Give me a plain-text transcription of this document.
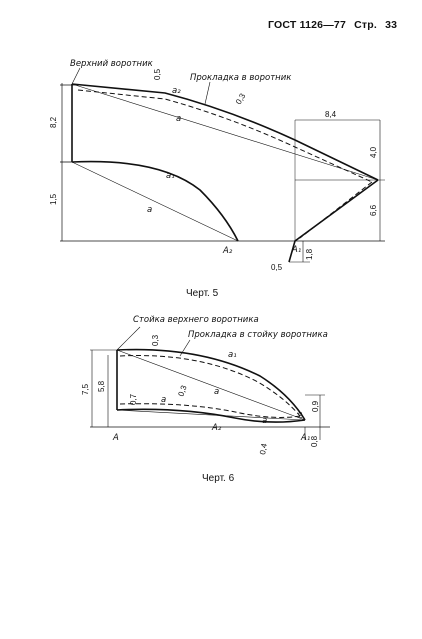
ГОСТ 1126—77 Стр. 33
Верхний воротник
Прокладка в воротник
0,5
0,3
8,4
8,2
1,5
4,0
6,6
1,8
0,5
a₂
a
a₁
a
A₂	A₁
Черт. 5
Стойка верхнего воротника
Прокладка в стойку воротника
0,3
7,5 5,8
0,7
0,3
0,4
0,9
0,8
a₁
a
a
A₂
a
A	A₁
2
Черт. 6
